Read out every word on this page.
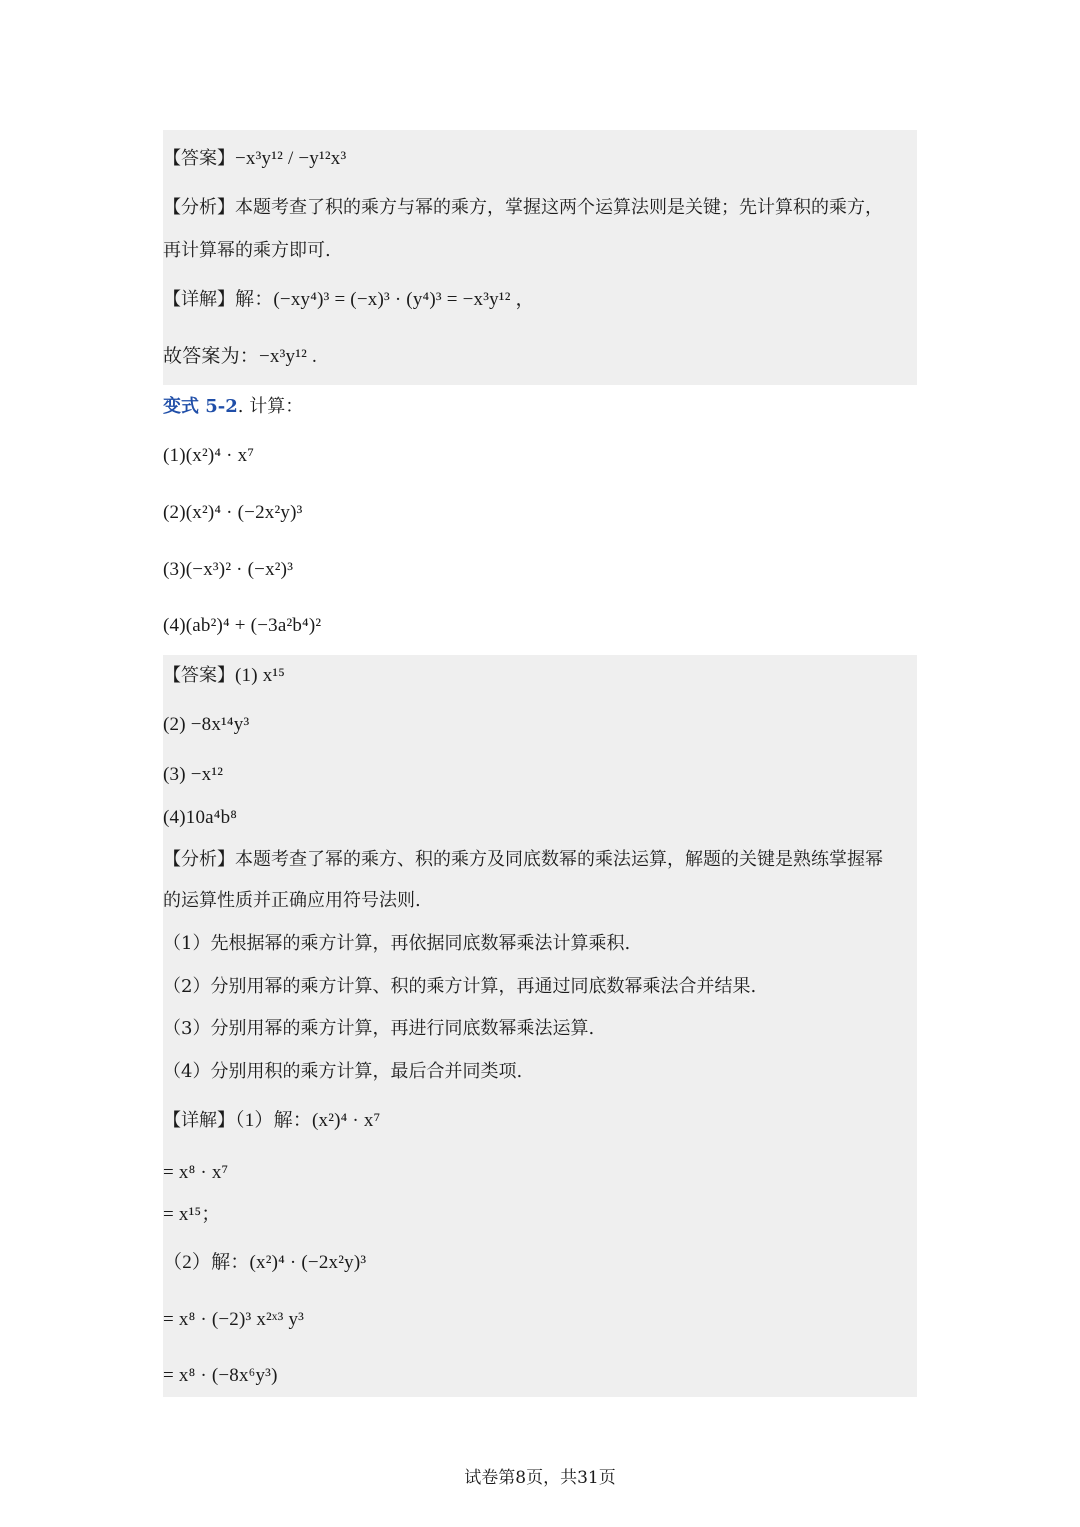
【答案】−x³y¹² / −y¹²x³
【分析】本题考查了积的乘方与幂的乘方，掌握这两个运算法则是关键；先计算积的乘方，
再计算幂的乘方即可.
【详解】解：(−xy⁴)³ = (−x)³ · (y⁴)³ = −x³y¹² ，
故答案为：−x³y¹² .
变式 5-2. 计算：
(1)(x²)⁴ · x⁷
(2)(x²)⁴ · (−2x²y)³
(3)(−x³)² · (−x²)³
(4)(ab²)⁴ + (−3a²b⁴)²
【答案】(1) x¹⁵
(2) −8x¹⁴y³
(3) −x¹²
(4)10a⁴b⁸
【分析】本题考查了幂的乘方、积的乘方及同底数幂的乘法运算，解题的关键是熟练掌握幂
的运算性质并正确应用符号法则.
（1）先根据幂的乘方计算，再依据同底数幂乘法计算乘积.
（2）分别用幂的乘方计算、积的乘方计算，再通过同底数幂乘法合并结果.
（3）分别用幂的乘方计算，再进行同底数幂乘法运算.
（4）分别用积的乘方计算，最后合并同类项.
【详解】（1）解：(x²)⁴ · x⁷
= x⁸ · x⁷
= x¹⁵；
（2）解：(x²)⁴ · (−2x²y)³
= x⁸ · (−2)³ x²ˣ³ y³
= x⁸ · (−8x⁶y³)
试卷第8页，共31页
